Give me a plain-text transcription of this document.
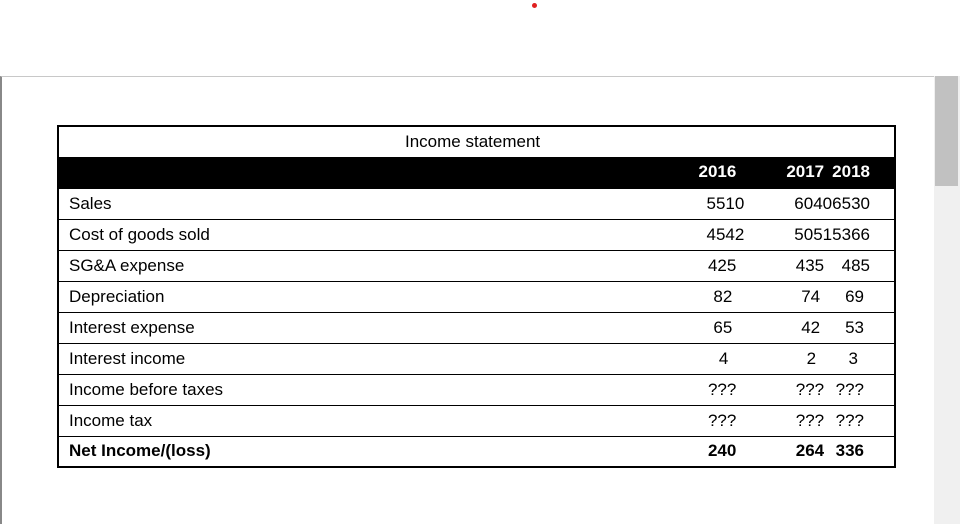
Income statement			
	2016	2017	2018
Sales	5510	6040	6530
Cost of goods sold	4542	5051	5366
SG&A expense	425	435	485
Depreciation	82	74	69
Interest expense	65	42	53
Interest income	4	2	3
Income before taxes	???	???	???
Income tax	???	???	???
Net Income/(loss)	240	264	336
